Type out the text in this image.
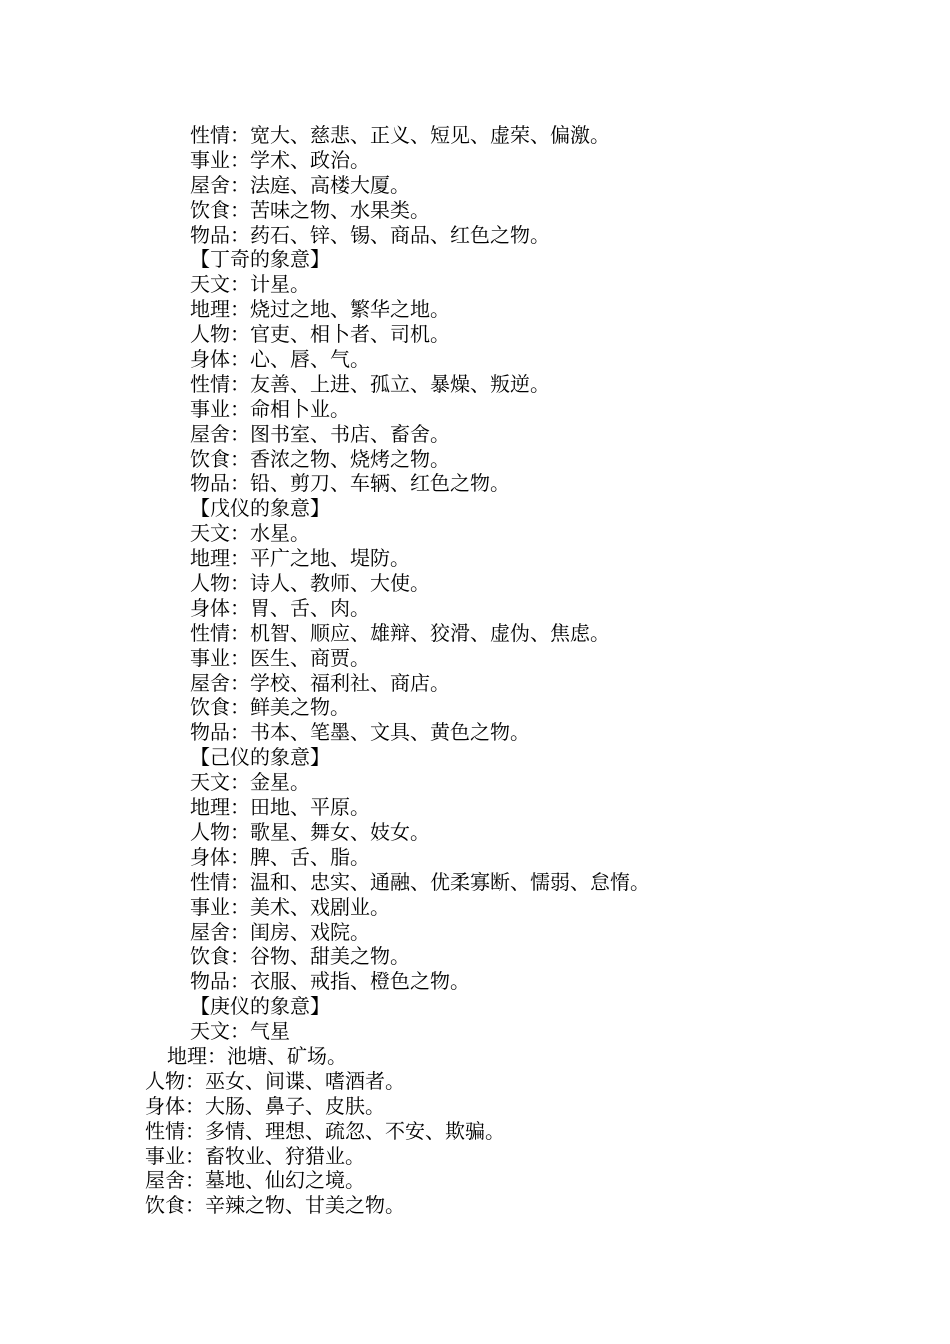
性情：宽大、慈悲、正义、短见、虚荣、偏激。
事业：学术、政治。
屋舍：法庭、高楼大厦。
饮食：苦味之物、水果类。
物品：药石、锌、锡、商品、红色之物。
【丁奇的象意】
天文：计星。
地理：烧过之地、繁华之地。
人物：官吏、相卜者、司机。
身体：心、唇、气。
性情：友善、上进、孤立、暴燥、叛逆。
事业：命相卜业。
屋舍：图书室、书店、畜舍。
饮食：香浓之物、烧烤之物。
物品：铅、剪刀、车辆、红色之物。
【戊仪的象意】
天文：水星。
地理：平广之地、堤防。
人物：诗人、教师、大使。
身体：胃、舌、肉。
性情：机智、顺应、雄辩、狡滑、虚伪、焦虑。
事业：医生、商贾。
屋舍：学校、福利社、商店。
饮食：鲜美之物。
物品：书本、笔墨、文具、黄色之物。
【己仪的象意】
天文：金星。
地理：田地、平原。
人物：歌星、舞女、妓女。
身体：脾、舌、脂。
性情：温和、忠实、通融、优柔寡断、懦弱、怠惰。
事业：美术、戏剧业。
屋舍：闺房、戏院。
饮食：谷物、甜美之物。
物品：衣服、戒指、橙色之物。
【庚仪的象意】
天文：气星
地理：池塘、矿场。
人物：巫女、间谍、嗜酒者。
身体：大肠、鼻子、皮肤。
性情：多情、理想、疏忽、不安、欺骗。
事业：畜牧业、狩猎业。
屋舍：墓地、仙幻之境。
饮食：辛辣之物、甘美之物。
